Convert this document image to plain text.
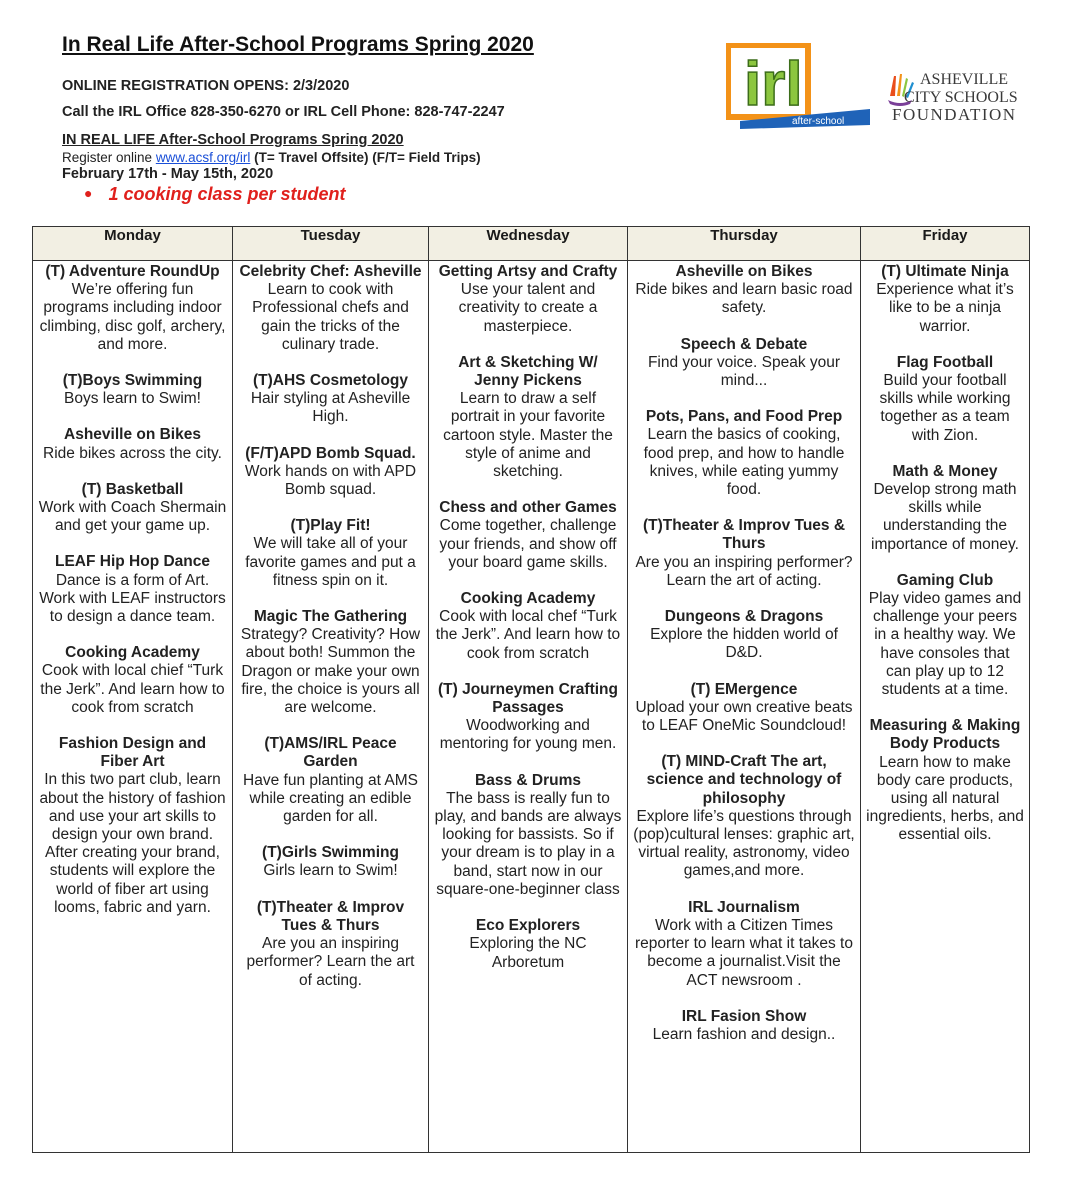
In Real Life After-School Programs Spring 2020
ONLINE REGISTRATION OPENS: 2/3/2020
Call the IRL Office 828-350-6270 or IRL Cell Phone: 828-747-2247
IN REAL LIFE After-School Programs Spring 2020
Register online www.acsf.org/irl (T= Travel Offsite) (F/T= Field Trips)
February 17th - May 15th, 2020
● 1 cooking class per student
irl
after-school
ASHEVILLE
CITY SCHOOLS
FOUNDATION
Monday
(T) Adventure RoundUp
We’re offering fun programs including indoor climbing, disc golf, archery, and more.
(T)Boys Swimming
Boys learn to Swim!
Asheville on Bikes
Ride bikes across the city.
(T) Basketball
Work with Coach Shermain and get your game up.
LEAF Hip Hop Dance
Dance is a form of Art. Work with LEAF instructors to design a dance team.
Cooking Academy
Cook with local chief “Turk the Jerk”. And learn how to cook from scratch
Fashion Design and Fiber Art
In this two part club, learn about the history of fashion and use your art skills to design your own brand. After creating your brand, students will explore the world of fiber art using looms, fabric and yarn.
Tuesday
Celebrity Chef: Asheville
Learn to cook with Professional chefs and gain the tricks of the culinary trade.
(T)AHS Cosmetology
Hair styling at Asheville High.
(F/T)APD Bomb Squad.
Work hands on with APD Bomb squad.
(T)Play Fit!
We will take all of your favorite games and put a fitness spin on it.
Magic The Gathering
Strategy? Creativity? How about both! Summon the Dragon or make your own fire, the choice is yours all are welcome.
(T)AMS/IRL Peace Garden
Have fun planting at AMS while creating an edible garden for all.
(T)Girls Swimming
Girls learn to Swim!
(T)Theater & Improv Tues & Thurs
Are you an inspiring performer? Learn the art of acting.
Wednesday
Getting Artsy and Crafty
Use your talent and creativity to create a masterpiece.
Art & Sketching W/ Jenny Pickens
Learn to draw a self portrait in your favorite cartoon style. Master the style of anime and sketching.
Chess and other Games
Come together, challenge your friends, and show off your board game skills.
Cooking Academy
Cook with local chef “Turk the Jerk”. And learn how to cook from scratch
(T) Journeymen Crafting Passages
Woodworking and mentoring for young men.
Bass & Drums
The bass is really fun to play, and bands are always looking for bassists. So if your dream is to play in a band, start now in our square-one-beginner class
Eco Explorers
Exploring the NC Arboretum
Thursday
Asheville on Bikes
Ride bikes and learn basic road safety.
Speech & Debate
Find your voice. Speak your mind...
Pots, Pans, and Food Prep
Learn the basics of cooking, food prep, and how to handle knives, while eating yummy food.
(T)Theater & Improv Tues & Thurs
Are you an inspiring performer? Learn the art of acting.
Dungeons & Dragons
Explore the hidden world of D&D.
(T) EMergence
Upload your own creative beats to LEAF OneMic Soundcloud!
(T) MIND-Craft The art, science and technology of philosophy
Explore life’s questions through (pop)cultural lenses: graphic art, virtual reality, astronomy, video games,and more.
IRL Journalism
Work with a Citizen Times reporter to learn what it takes to become a journalist.Visit the ACT newsroom .
IRL Fasion Show
Learn fashion and design..
Friday
(T) Ultimate Ninja
Experience what it’s like to be a ninja warrior.
Flag Football
Build your football skills while working together as a team with Zion.
Math & Money
Develop strong math skills while understanding the importance of money.
Gaming Club
Play video games and challenge your peers in a healthy way. We have consoles that can play up to 12 students at a time.
Measuring & Making Body Products
Learn how to make body care products, using all natural ingredients, herbs, and essential oils.
